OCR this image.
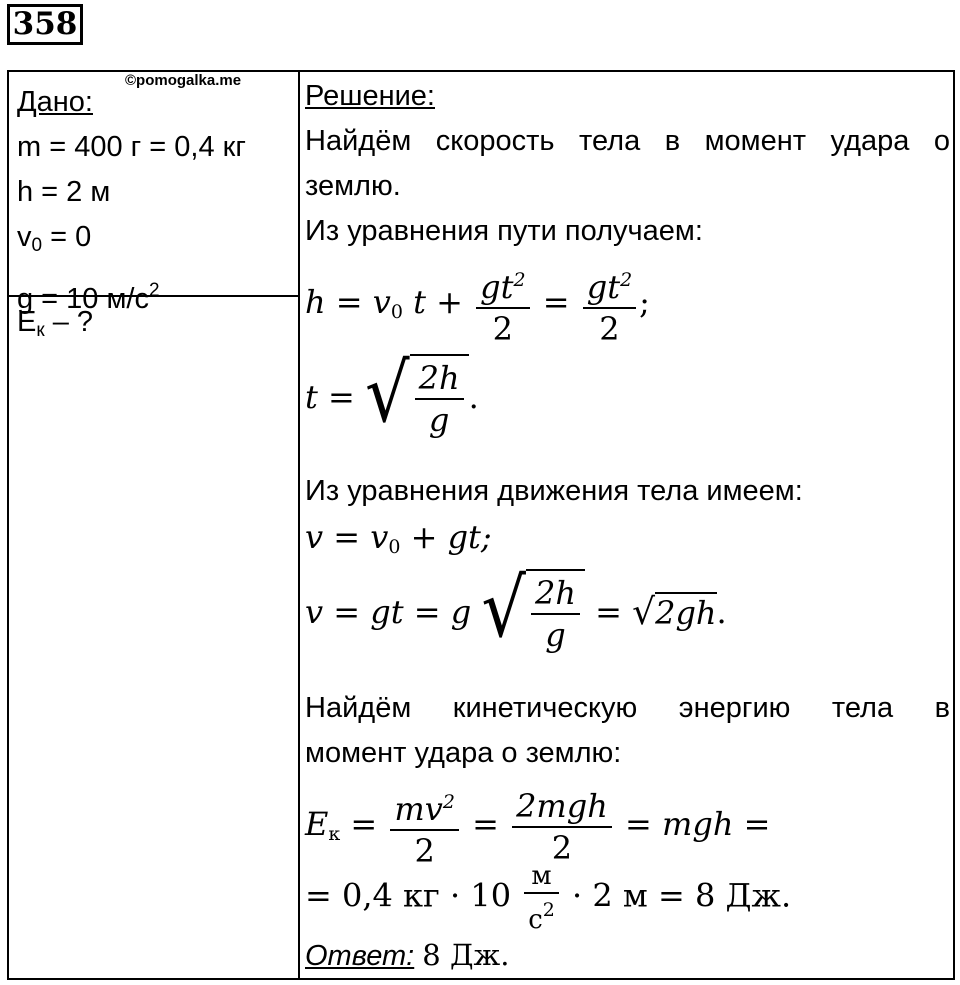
358
©pomogalka.me
Дано:
m = 400 г = 0,4 кг
h = 2 м
$v_0 = 0$
g = 10 $м/с^2$
$E_к$ – ?
Решение:
Найдём скорость тела в момент удара о
землю.
Из уравнения пути получаем:
$h = v_0$ $t + \frac{gt^2}{2} = \frac{gt^2}{2}$ ;
t = √ $\frac{2h}{g}$ .
Из уравнения движения тела имеем:
$v = v_0$ + gt;
v = gt = g √ $\frac{2h}{g} = √2gh$.
Найдём кинетическую энергию тела в
момент удара о землю:
$E_к = \frac{mv^2}{2} = \frac{\text{2mgh}}{2}$ = mgh =
= 0,4 кг · $10 \frac{м}{с^2} \cdot 2$ м = 8 Дж.
Ответ: 8 Дж.
